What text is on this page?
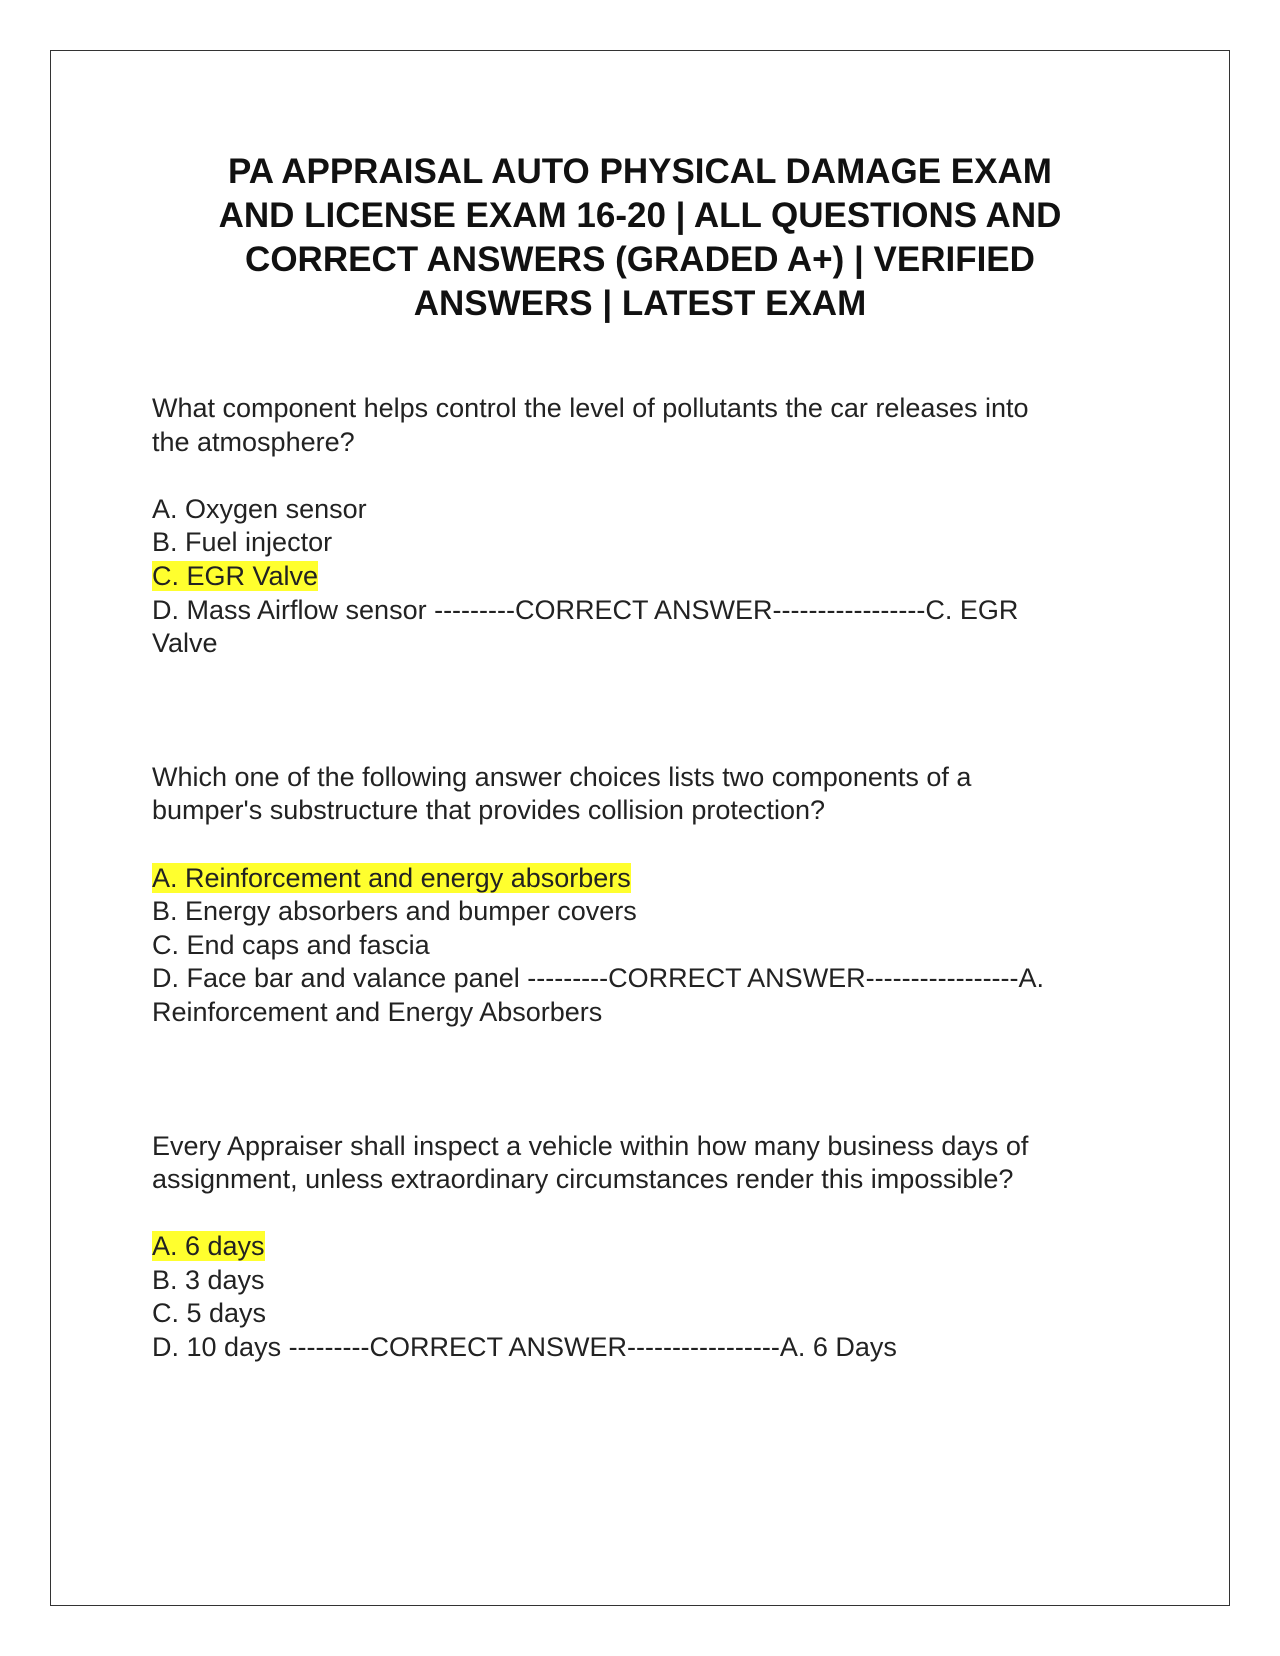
PA APPRAISAL AUTO PHYSICAL DAMAGE EXAM
AND LICENSE EXAM 16-20 | ALL QUESTIONS AND
CORRECT ANSWERS (GRADED A+) | VERIFIED
ANSWERS | LATEST EXAM

What component helps control the level of pollutants the car releases into
the atmosphere?

A. Oxygen sensor
B. Fuel injector
C. EGR Valve
D. Mass Airflow sensor ---------CORRECT ANSWER-----------------C. EGR
Valve

Which one of the following answer choices lists two components of a
bumper's substructure that provides collision protection?

A. Reinforcement and energy absorbers
B. Energy absorbers and bumper covers
C. End caps and fascia
D. Face bar and valance panel ---------CORRECT ANSWER-----------------A.
Reinforcement and Energy Absorbers

Every Appraiser shall inspect a vehicle within how many business days of
assignment, unless extraordinary circumstances render this impossible?

A. 6 days
B. 3 days
C. 5 days
D. 10 days ---------CORRECT ANSWER-----------------A. 6 Days
